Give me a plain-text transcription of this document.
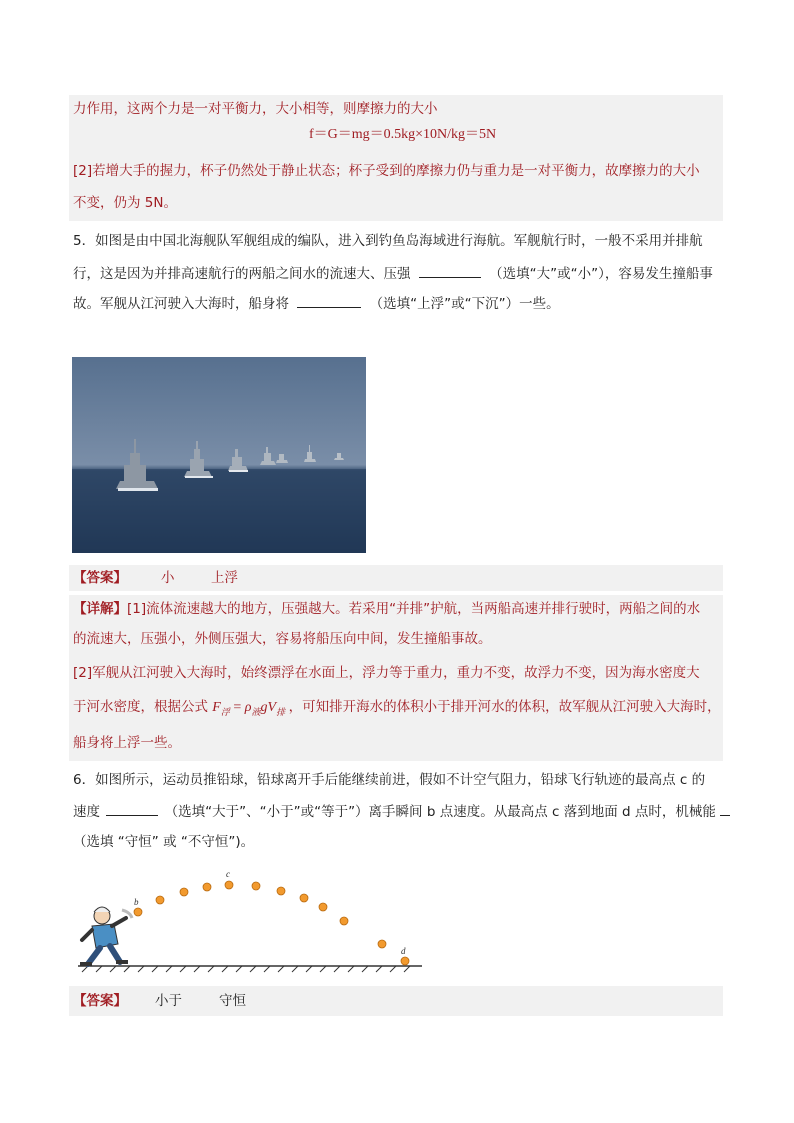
力作用，这两个力是一对平衡力，大小相等，则摩擦力的大小
f＝G＝mg＝0.5kg×10N/kg＝5N
[2]若增大手的握力，杯子仍然处于静止状态；杯子受到的摩擦力仍与重力是一对平衡力，故摩擦力的大小
不变，仍为 5N。
5．如图是由中国北海舰队军舰组成的编队，进入到钓鱼岛海域进行海航。军舰航行时，一般不采用并排航
行，这是因为并排高速航行的两船之间水的流速大、压强	（选填“大”或“小”），容易发生撞船事
故。军舰从江河驶入大海时，船身将	（选填“上浮”或“下沉”）一些。
【答案】	小	上浮
【详解】[1]流体流速越大的地方，压强越大。若采用“并排”护航，当两船高速并排行驶时，两船之间的水
的流速大，压强小，外侧压强大，容易将船压向中间，发生撞船事故。
[2]军舰从江河驶入大海时，始终漂浮在水面上，浮力等于重力，重力不变，故浮力不变，因为海水密度大
于河水密度，根据公式 $F_浮 = \rho_液gV_排$ ，可知排开海水的体积小于排开河水的体积，故军舰从江河驶入大海时，
船身将上浮一些。
6．如图所示，运动员推铅球，铅球离开手后能继续前进，假如不计空气阻力，铅球飞行轨迹的最高点 c 的
速度	（选填“大于”、“小于”或“等于”）离手瞬间 b 点速度。从最高点 c 落到地面 d 点时，机械能
（选填 “守恒” 或 “不守恒”)。
b
c
d
【答案】 小于	守恒
